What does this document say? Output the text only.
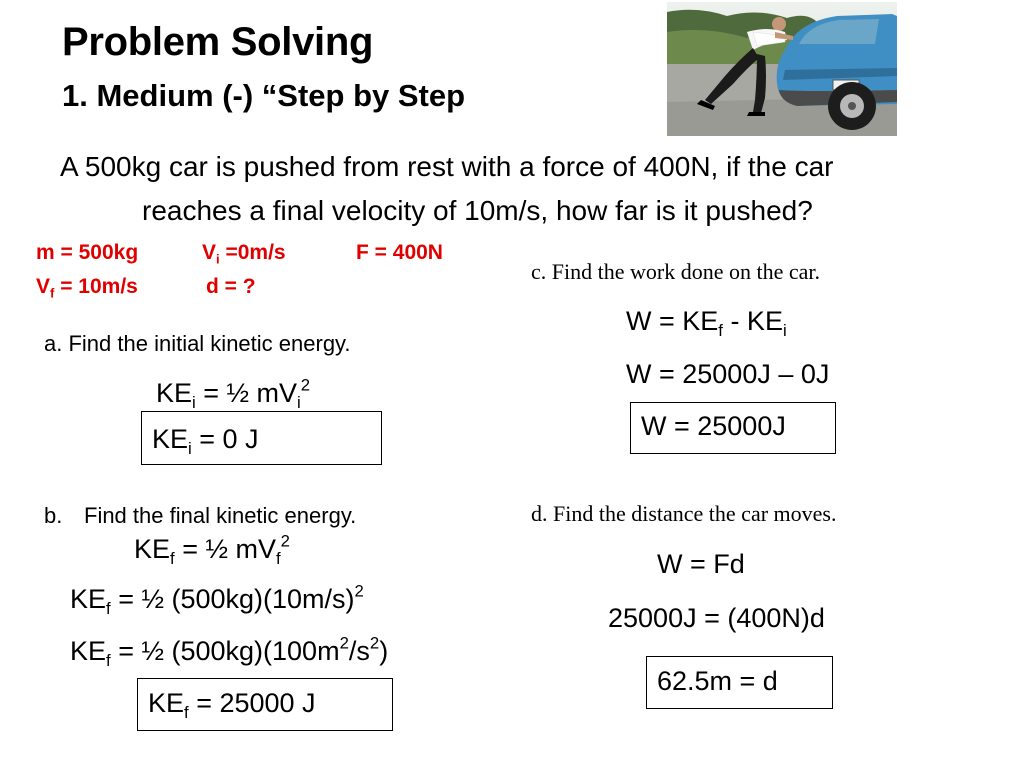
Problem Solving
1. Medium (-) “Step by Step
A 500kg car is pushed from rest with a force of 400N, if the car

reaches a final velocity of 10m/s, how far is it pushed?
m = 500kg	$V_i =0m/s$	F = 400N
$V_f = 10m/s$	d = ?
a. Find the initial kinetic energy.
$KE_i$ = ½ $mV_i^2$
$KE_i = 0$ J
b. Find the final kinetic energy.
$KE_f$ = ½ $mV_f^2$
$KE_f$ = ½ $(500kg)(10m/s)^2$
$KE_f$ = ½ $(500kg)(100m^2/s^2)$
$KE_f = 25000$ J
c. Find the work done on the car.
$W = KE_f - KE_i$
W = 25000J – 0J
W = 25000J
d. Find the distance the car moves.
W = Fd
25000J = (400N)d
62.5m = d
